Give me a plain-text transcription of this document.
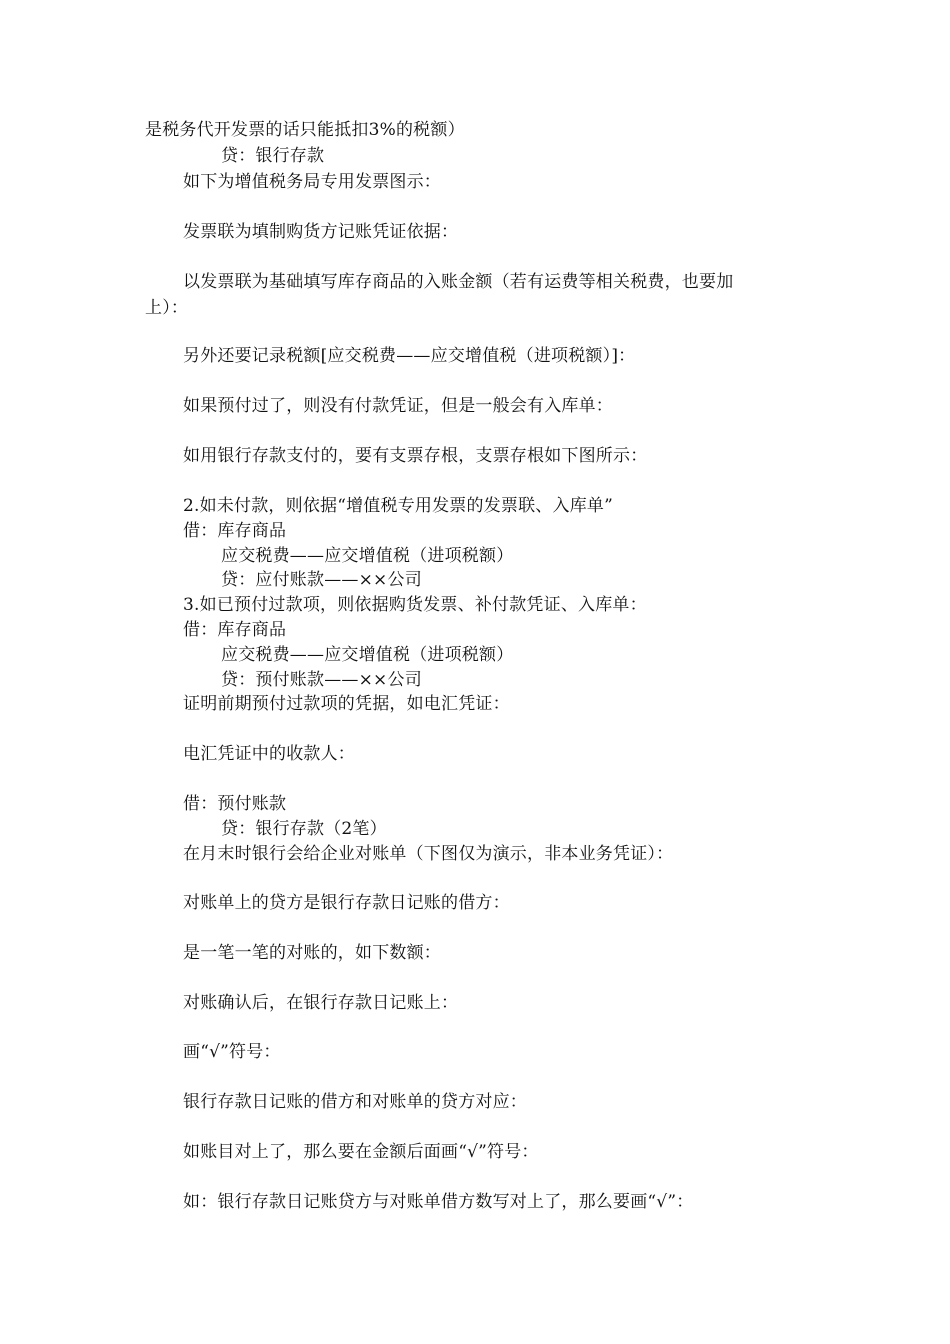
是税务代开发票的话只能抵扣3%的税额）
贷：银行存款
如下为增值税务局专用发票图示：
发票联为填制购货方记账凭证依据：
以发票联为基础填写库存商品的入账金额（若有运费等相关税费，也要加
上）：
另外还要记录税额[应交税费——应交增值税（进项税额）]：
如果预付过了，则没有付款凭证，但是一般会有入库单：
如用银行存款支付的，要有支票存根，支票存根如下图所示：
2.如未付款，则依据“增值税专用发票的发票联、入库单”
借：库存商品
应交税费——应交增值税（进项税额）
贷：应付账款——××公司
3.如已预付过款项，则依据购货发票、补付款凭证、入库单：
借：库存商品
应交税费——应交增值税（进项税额）
贷：预付账款——××公司
证明前期预付过款项的凭据，如电汇凭证：
电汇凭证中的收款人：
借：预付账款
贷：银行存款（2笔）
在月末时银行会给企业对账单（下图仅为演示，非本业务凭证）：
对账单上的贷方是银行存款日记账的借方：
是一笔一笔的对账的，如下数额：
对账确认后，在银行存款日记账上：
画“√”符号：
银行存款日记账的借方和对账单的贷方对应：
如账目对上了，那么要在金额后面画“√”符号：
如：银行存款日记账贷方与对账单借方数写对上了，那么要画“√”：
